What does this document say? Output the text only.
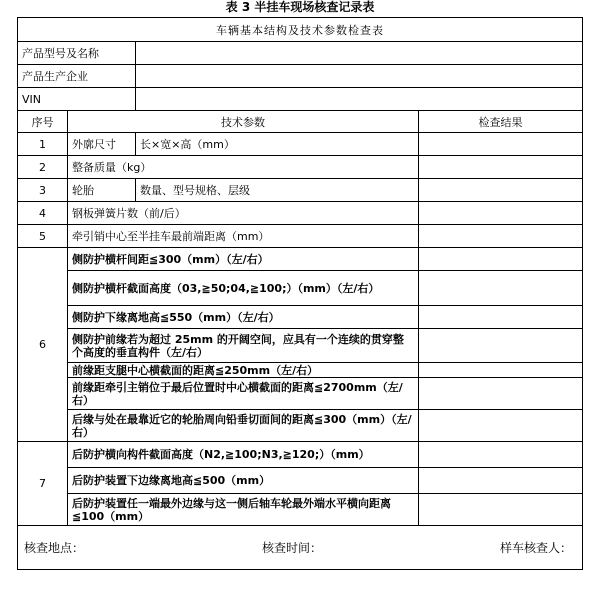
表 3 半挂车现场核查记录表
车辆基本结构及技术参数检查表			
产品型号及名称			
产品生产企业			
VIN			
序号	技术参数		检查结果
1	外廓尺寸	长×宽×高（mm）	
2	整备质量（kg）		
3	轮胎	数量、型号规格、层级	
4	钢板弹簧片数（前/后）		
5	牵引销中心至半挂车最前端距离（mm）		
6	侧防护横杆间距≦300（mm）（左/右）		
	侧防护横杆截面高度（03,≧50;04,≧100;）（mm）（左/右）		
	侧防护下缘离地高≦550（mm）（左/右）		
	侧防护前缘若为超过 25mm 的开阔空间，应具有一个连续的贯穿整个高度的垂直构件（左/右）		
	前缘距支腿中心横截面的距离≦250mm（左/右）		
	前缘距牵引主销位于最后位置时中心横截面的距离≦2700mm（左/右）		
	后缘与处在最靠近它的轮胎周向铅垂切面间的距离≦300（mm）（左/右）		
7	后防护横向构件截面高度（N2,≧100;N3,≧120;）（mm）		
	后防护装置下边缘离地高≦500（mm）		
	后防护装置任一端最外边缘与这一侧后轴车轮最外端水平横向距离≦100（mm）		

核查地点： 核查时间： 样车核查人：			
